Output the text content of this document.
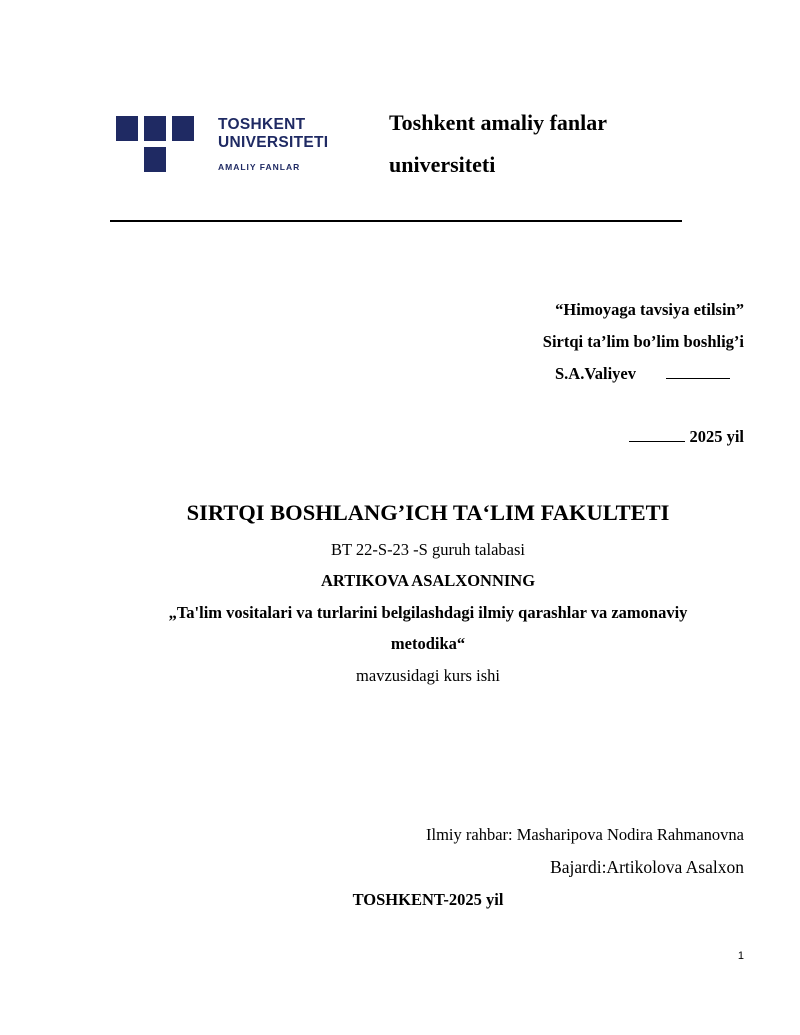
TOSHKENT
UNIVERSITETI
AMALIY FANLAR
Toshkent amaliy fanlar
universiteti
“Himoyaga tavsiya etilsin”
Sirtqi ta’lim bo’lim boshlig’i
S.A.Valiyev
2025 yil
SIRTQI BOSHLANG’ICH TA‘LIM FAKULTETI
BT 22-S-23 -S guruh talabasi
ARTIKOVA ASALXONNING
„Ta'lim vositalari va turlarini belgilashdagi ilmiy qarashlar va zamonaviy
metodika“
mavzusidagi kurs ishi
Ilmiy rahbar: Masharipova Nodira Rahmanovna
Bajardi:Artikolova Asalxon
TOSHKENT-2025 yil
1
